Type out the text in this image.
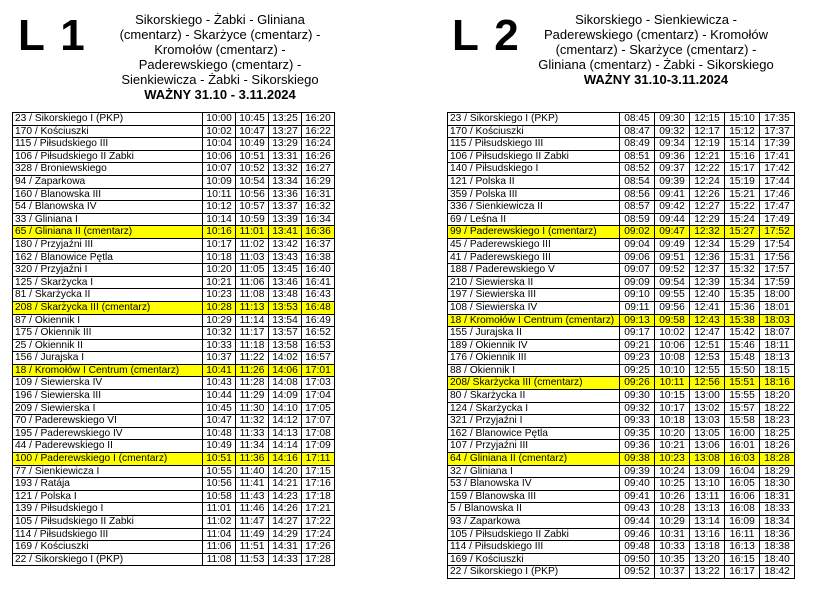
L 1	Sikorskiego - Żabki - Gliniana
(cmentarz) - Skarżyce (cmentarz) -
Kromołów (cmentarz) -
Paderewskiego (cmentarz) -
Sienkiewicza - Żabki - Sikorskiego
WAŻNY 31.10 - 3.11.2024
23 / Sikorskiego I (PKP)	10:00	10:45	13:25	16:20
170 / Kościuszki	10:02	10:47	13:27	16:22
115 / Piłsudskiego III	10:04	10:49	13:29	16:24
106 / Piłsudskiego II Żabki	10:06	10:51	13:31	16:26
328 / Broniewskiego	10:07	10:52	13:32	16:27
94 / Zaparkowa	10:09	10:54	13:34	16:29
160 / Blanowska III	10:11	10:56	13:36	16:31
54 / Blanowska IV	10:12	10:57	13:37	16:32
33 / Gliniana I	10:14	10:59	13:39	16:34
65 / Gliniana II (cmentarz)	10:16	11:01	13:41	16:36
180 / Przyjaźni III	10:17	11:02	13:42	16:37
162 / Blanowice Pętla	10:18	11:03	13:43	16:38
320 / Przyjaźni I	10:20	11:05	13:45	16:40
125 / Skarżycka I	10:21	11:06	13:46	16:41
81 / Skarżycka II	10:23	11:08	13:48	16:43
208 / Skarżycka III (cmentarz)	10:28	11:13	13:53	16:48
87 / Okiennik I	10:29	11:14	13:54	16:49
175 / Okiennik III	10:32	11:17	13:57	16:52
25 / Okiennik II	10:33	11:18	13:58	16:53
156 / Jurajska I	10:37	11:22	14:02	16:57
18 / Kromołów I Centrum (cmentarz)	10:41	11:26	14:06	17:01
109 / Siewierska IV	10:43	11:28	14:08	17:03
196 / Siewierska III	10:44	11:29	14:09	17:04
209 / Siewierska I	10:45	11:30	14:10	17:05
70 / Paderewskiego VI	10:47	11:32	14:12	17:07
195 / Paderewskiego IV	10:48	11:33	14:13	17:08
44 / Paderewskiego II	10:49	11:34	14:14	17:09
100 / Paderewskiego I (cmentarz)	10:51	11:36	14:16	17:11
77 / Sienkiewicza I	10:55	11:40	14:20	17:15
193 / Ratája	10:56	11:41	14:21	17:16
121 / Polska I	10:58	11:43	14:23	17:18
139 / Piłsudskiego I	11:01	11:46	14:26	17:21
105 / Piłsudskiego II Żabki	11:02	11:47	14:27	17:22
114 / Piłsudskiego III	11:04	11:49	14:29	17:24
169 / Kościuszki	11:06	11:51	14:31	17:26
22 / Sikorskiego I (PKP)	11:08	11:53	14:33	17:28
L 2	Sikorskiego - Sienkiewicza -
Paderewskiego (cmentarz) - Kromołów
(cmentarz) - Skarżyce (cmentarz) -
Gliniana (cmentarz) - Żabki - Sikorskiego
WAŻNY 31.10-3.11.2024
23 / Sikorskiego I (PKP)	08:45	09:30	12:15	15:10	17:35
170 / Kościuszki	08:47	09:32	12:17	15:12	17:37
115 / Piłsudskiego III	08:49	09:34	12:19	15:14	17:39
106 / Piłsudskiego II Żabki	08:51	09:36	12:21	15:16	17:41
140 / Piłsudskiego I	08:52	09:37	12:22	15:17	17:42
121 / Polska II	08:54	09:39	12:24	15:19	17:44
359 / Polska III	08:56	09:41	12:26	15:21	17:46
336 / Sienkiewicza II	08:57	09:42	12:27	15:22	17:47
69 / Leśna II	08:59	09:44	12:29	15:24	17:49
99 / Paderewskiego I (cmentarz)	09:02	09:47	12:32	15:27	17:52
45 / Paderewskiego III	09:04	09:49	12:34	15:29	17:54
41 / Paderewskiego III	09:06	09:51	12:36	15:31	17:56
188 / Paderewskiego V	09:07	09:52	12:37	15:32	17:57
210 / Siewierska II	09:09	09:54	12:39	15:34	17:59
197 / Siewierska III	09:10	09:55	12:40	15:35	18:00
108 / Siewierska IV	09:11	09:56	12:41	15:36	18:01
18 / Kromołów I Centrum (cmentarz)	09:13	09:58	12:43	15:38	18:03
155 / Jurajska II	09:17	10:02	12:47	15:42	18:07
189 / Okiennik IV	09:21	10:06	12:51	15:46	18:11
176 / Okiennik III	09:23	10:08	12:53	15:48	18:13
88 / Okiennik I	09:25	10:10	12:55	15:50	18:15
208/ Skarżycka III (cmentarz)	09:26	10:11	12:56	15:51	18:16
80 / Skarżycka II	09:30	10:15	13:00	15:55	18:20
124 / Skarżycka I	09:32	10:17	13:02	15:57	18:22
321 / Przyjaźni I	09:33	10:18	13:03	15:58	18:23
162 / Blanowice Pętla	09:35	10:20	13:05	16:00	18:25
107 / Przyjaźni III	09:36	10:21	13:06	16:01	18:26
64 / Gliniana II (cmentarz)	09:38	10:23	13:08	16:03	18:28
32 / Gliniana I	09:39	10:24	13:09	16:04	18:29
53 / Blanowska IV	09:40	10:25	13:10	16:05	18:30
159 / Blanowska III	09:41	10:26	13:11	16:06	18:31
5 / Blanowska II	09:43	10:28	13:13	16:08	18:33
93 / Zaparkowa	09:44	10:29	13:14	16:09	18:34
105 / Piłsudskiego II Żabki	09:46	10:31	13:16	16:11	18:36
114 / Piłsudskiego III	09:48	10:33	13:18	16:13	18:38
169 / Kościuszki	09:50	10:35	13:20	16:15	18:40
22 / Sikorskiego I (PKP)	09:52	10:37	13:22	16:17	18:42
